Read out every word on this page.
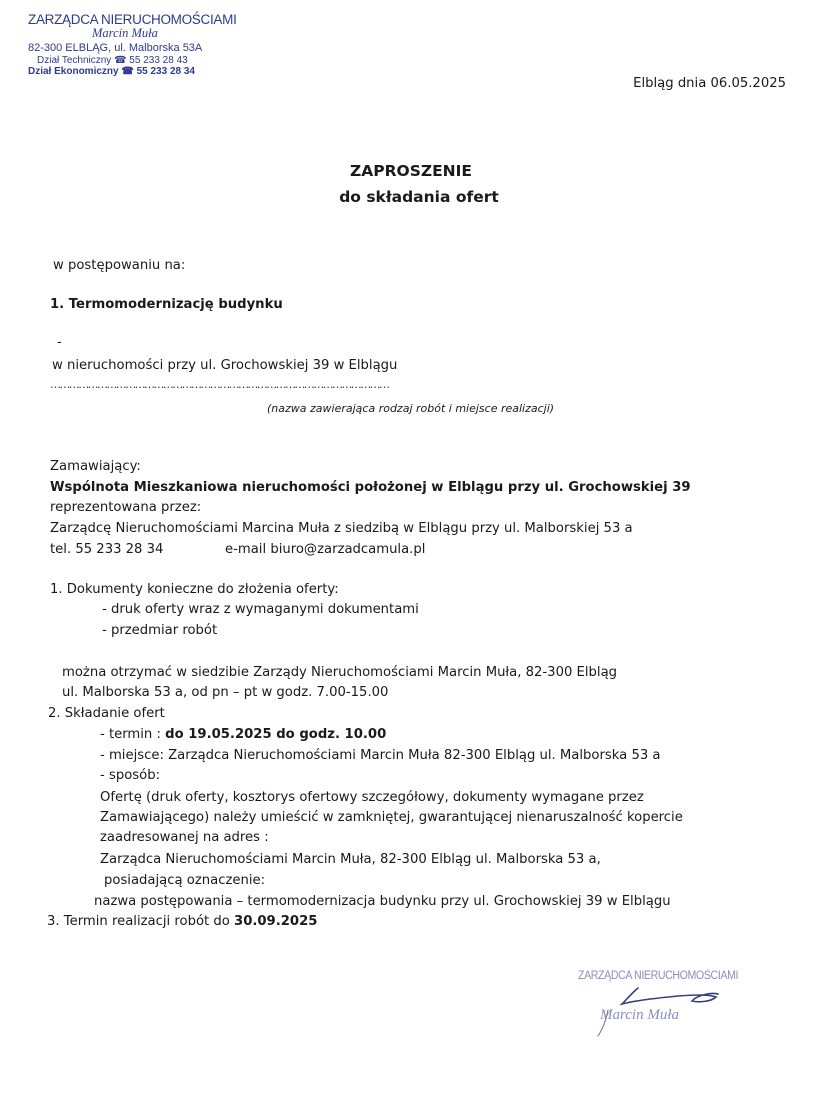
ZARZĄDCA NIERUCHOMOŚCIAMI
Marcin Muła
82-300 ELBLĄG, ul. Malborska 53A
Dział Techniczny ☎ 55 233 28 43
Dział Ekonomiczny ☎ 55 233 28 34
Elbląg dnia 06.05.2025
ZAPROSZENIE
do składania ofert
w postępowaniu na:
1. Termomodernizację budynku
-
w nieruchomości przy ul. Grochowskiej 39 w Elblągu
………………………………………………………………………………………………
(nazwa zawierająca rodzaj robót i miejsce realizacji)
Zamawiający:
Wspólnota Mieszkaniowa nieruchomości położonej w Elblągu przy ul. Grochowskiej 39
reprezentowana przez:
Zarządcę Nieruchomościami Marcina Muła z siedzibą w Elblągu przy ul. Malborskiej 53 a
tel. 55 233 28 34	e-mail biuro@zarzadcamula.pl
1. Dokumenty konieczne do złożenia oferty:
- druk oferty wraz z wymaganymi dokumentami
- przedmiar robót
można otrzymać w siedzibie Zarządy Nieruchomościami Marcin Muła, 82-300 Elbląg
ul. Malborska 53 a, od pn – pt w godz. 7.00-15.00
2. Składanie ofert
- termin : do 19.05.2025 do godz. 10.00
- miejsce: Zarządca Nieruchomościami Marcin Muła 82-300 Elbląg ul. Malborska 53 a
- sposób:
Ofertę (druk oferty, kosztorys ofertowy szczegółowy, dokumenty wymagane przez
Zamawiającego) należy umieścić w zamkniętej, gwarantującej nienaruszalność kopercie
zaadresowanej na adres :
Zarządca Nieruchomościami Marcin Muła, 82-300 Elbląg ul. Malborska 53 a,
posiadającą oznaczenie:
nazwa postępowania – termomodernizacja budynku przy ul. Grochowskiej 39 w Elblągu
3. Termin realizacji robót do 30.09.2025
ZARZĄDCA NIERUCHOMOŚCIAMI
Marcin Muła
